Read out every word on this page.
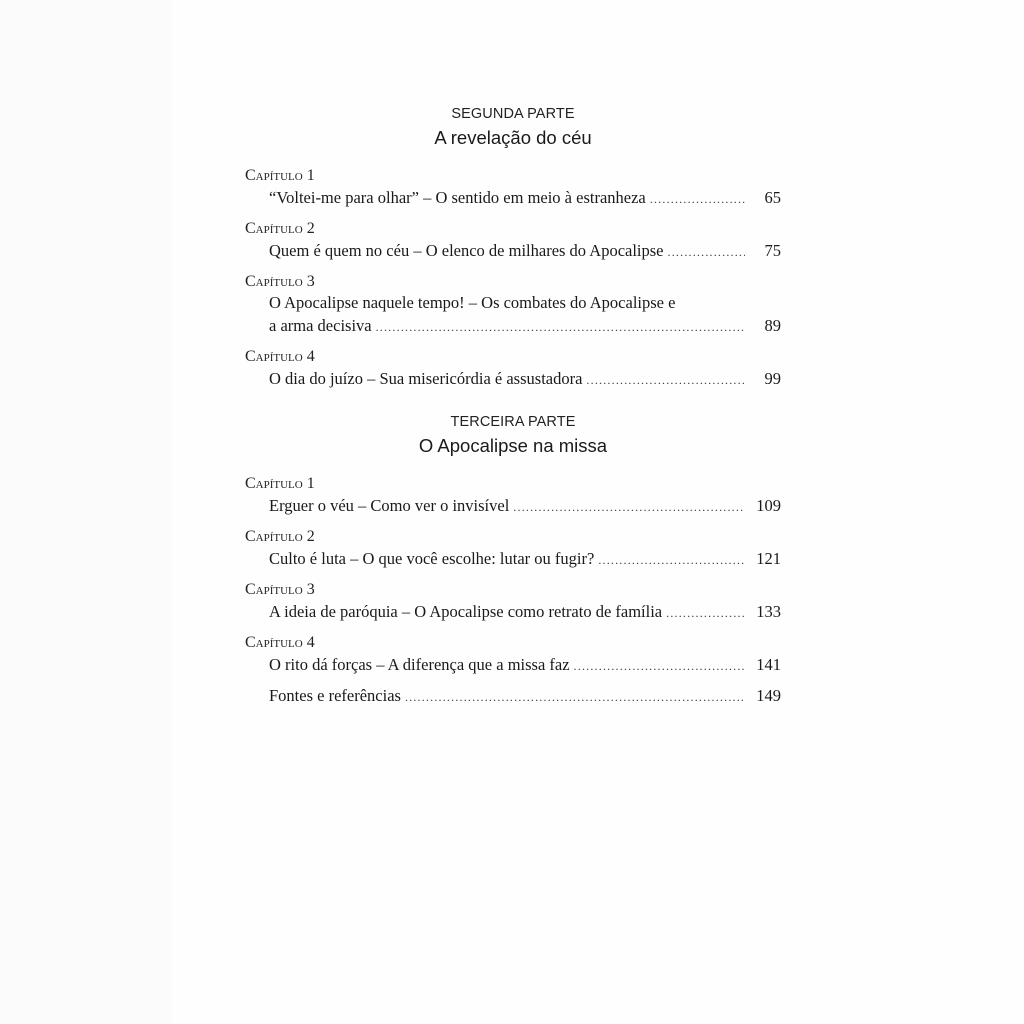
SEGUNDA PARTE
A revelação do céu
Capítulo 1
“Voltei-me para olhar” – O sentido em meio à estranheza .....	65
Capítulo 2
Quem é quem no céu – O elenco de milhares do Apocalipse .....	75
Capítulo 3
O Apocalipse naquele tempo! – Os combates do Apocalipse e
a arma decisiva .....	89
Capítulo 4
O dia do juízo – Sua misericórdia é assustadora .....	99
TERCEIRA PARTE
O Apocalipse na missa
Capítulo 1
Erguer o véu – Como ver o invisível .....	109
Capítulo 2
Culto é luta – O que você escolhe: lutar ou fugir? .....	121
Capítulo 3
A ideia de paróquia – O Apocalipse como retrato de família .....	133
Capítulo 4
O rito dá forças – A diferença que a missa faz .....	141
Fontes e referências .....	149
